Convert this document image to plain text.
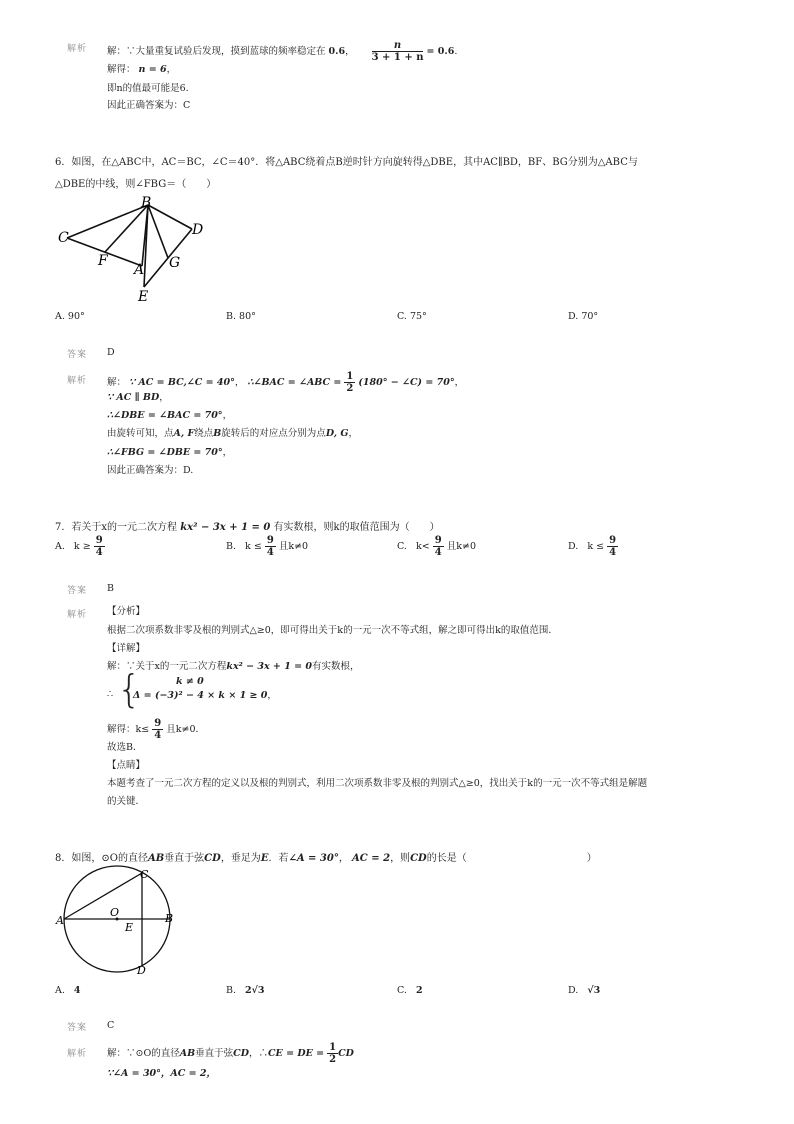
解析 解：∵大量重复试验后发现，摸到蓝球的频率稳定在 0.6， $\frac{n}{3 + 1 + n} = 0.6$.
解得： n = 6，
即n的值最可能是6.
因此正确答案为：C
6．如图，在△ABC中，AC＝BC，∠C＝40°．将△ABC绕着点B逆时针方向旋转得△DBE，其中AC∥BD，BF、BG分别为△ABC与
△DBE的中线，则∠FBG＝（　　）
B
C	D
F
A G
E
A. 90°	B. 80°	C. 75°	D. 70°
答案 D
解析 解： ∵ AC = BC,∠C = 40°， ∴∠BAC = ∠ABC = $\frac{1}{2} (180^\circ$ − ∠C) = 70°，
∵ AC ∥ BD，
∴∠DBE = ∠BAC = 70°，
由旋转可知，点A, F绕点B旋转后的对应点分别为点D, G，
∴∠FBG = ∠DBE = 70°，
因此正确答案为：D.
7．若关于x的一元二次方程 kx² − 3x + 1 = 0 有实数根，则k的取值范围为（　　）
A. $k \ge \frac{9}{4}$	B. $k \le \frac{9}{4}$ 且k≠0	C. $k< \frac{9}{4}$ 且k≠0	D. $k \le \frac{9}{4}$
答案 B
解析 【分析】
根据二次项系数非零及根的判别式△≥0，即可得出关于k的一元一次不等式组，解之即可得出k的取值范围．
【详解】
解：∵关于x的一元二次方程kx² − 3x + 1 = 0有实数根，
∴ {	k ≠ 0
Δ = (−3)² − 4 × k × 1 ≥ 0，
解得：$k\le \frac{9}{4}$ 且k≠0．
故选B．
【点睛】
本题考查了一元二次方程的定义以及根的判别式，利用二次项系数非零及根的判别式△≥0，找出关于k的一元一次不等式组是解题
的关键．
8．如图，⊙O的直径AB垂直于弦CD，垂足为E．若∠A = 30°， AC = 2，则CD的长是（　　　　　　　　　　　　）
A	B
C
D
O
E
A. 4	B. 2√3	C. 2	D. √3
答案 C
解析 解：∵⊙O的直径AB垂直于弦CD，∴CE = DE = $\frac{1}{2}$ CD
∵∠A = 30°，AC = 2，
